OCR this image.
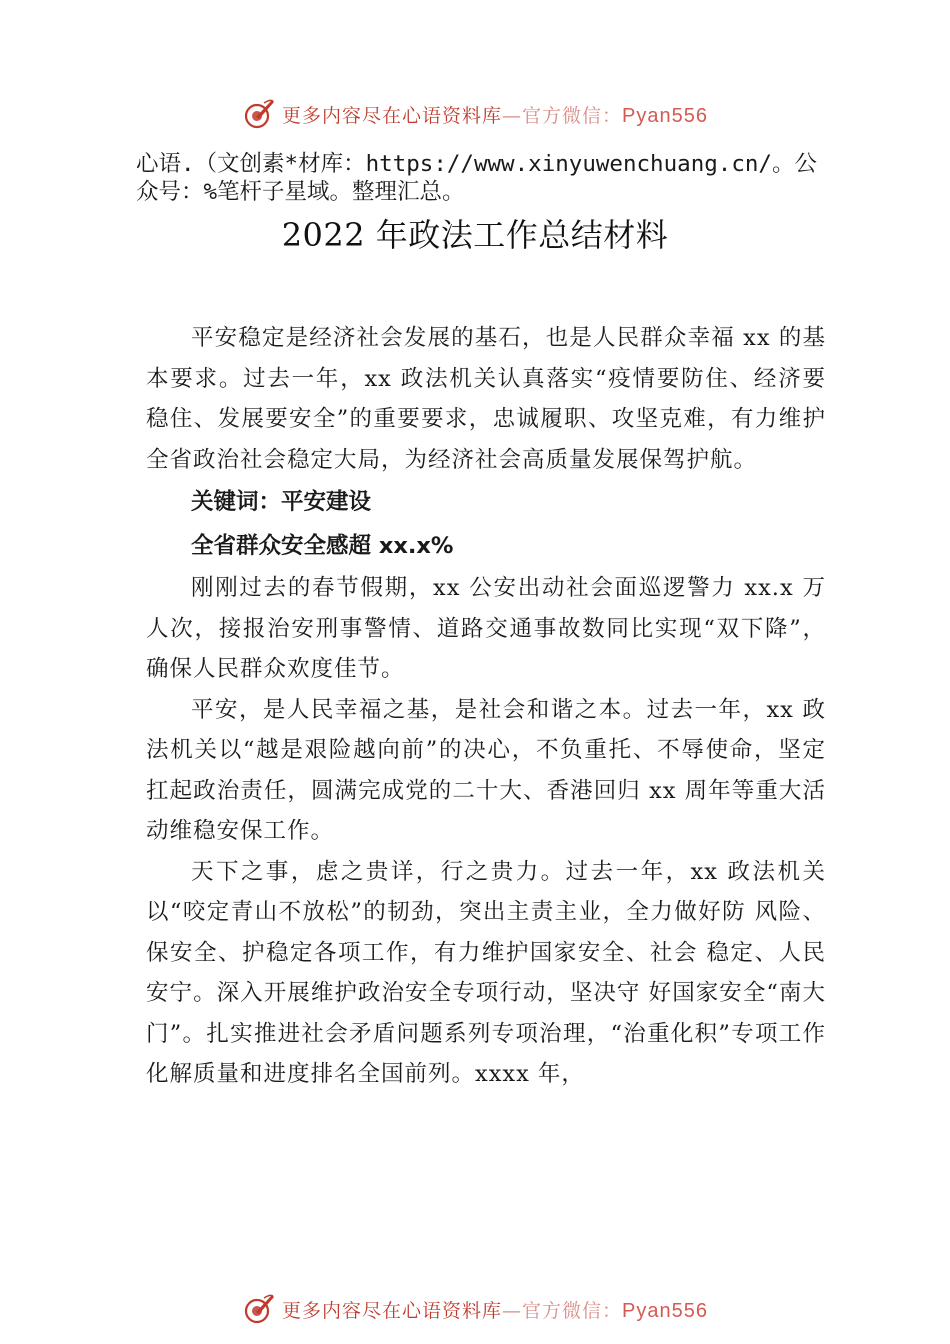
更多内容尽在心语资料库—官方微信：Pyan556
心语.（文创素*材库：https://www.xinyuwenchuang.cn/。公众号：%笔杆子星域。整理汇总。
2022 年政法工作总结材料

平安稳定是经济社会发展的基石，也是人民群众幸福 xx 的基本要求。过去一年，xx 政法机关认真落实“疫情要防住、经济要稳住、发展要安全”的重要要求，忠诚履职、攻坚克难，有力维护全省政治社会稳定大局，为经济社会高质量发展保驾护航。

关键词：平安建设

全省群众安全感超 xx.x%

刚刚过去的春节假期，xx 公安出动社会面巡逻警力 xx.x 万人次，接报治安刑事警情、道路交通事故数同比实现“双下降”，确保人民群众欢度佳节。

平安，是人民幸福之基，是社会和谐之本。过去一年，xx 政法机关以“越是艰险越向前”的决心，不负重托、不辱使命，坚定扛起政治责任，圆满完成党的二十大、香港回归 xx 周年等重大活动维稳安保工作。

天下之事，虑之贵详，行之贵力。过去一年，xx 政法机关以“咬定青山不放松”的韧劲，突出主责主业，全力做好防 风险、保安全、护稳定各项工作，有力维护国家安全、社会 稳定、人民安宁。深入开展维护政治安全专项行动，坚决守 好国家安全“南大门”。扎实推进社会矛盾问题系列专项治理，“治重化积”专项工作化解质量和进度排名全国前列。xxxx 年，

更多内容尽在心语资料库—官方微信：Pyan556
